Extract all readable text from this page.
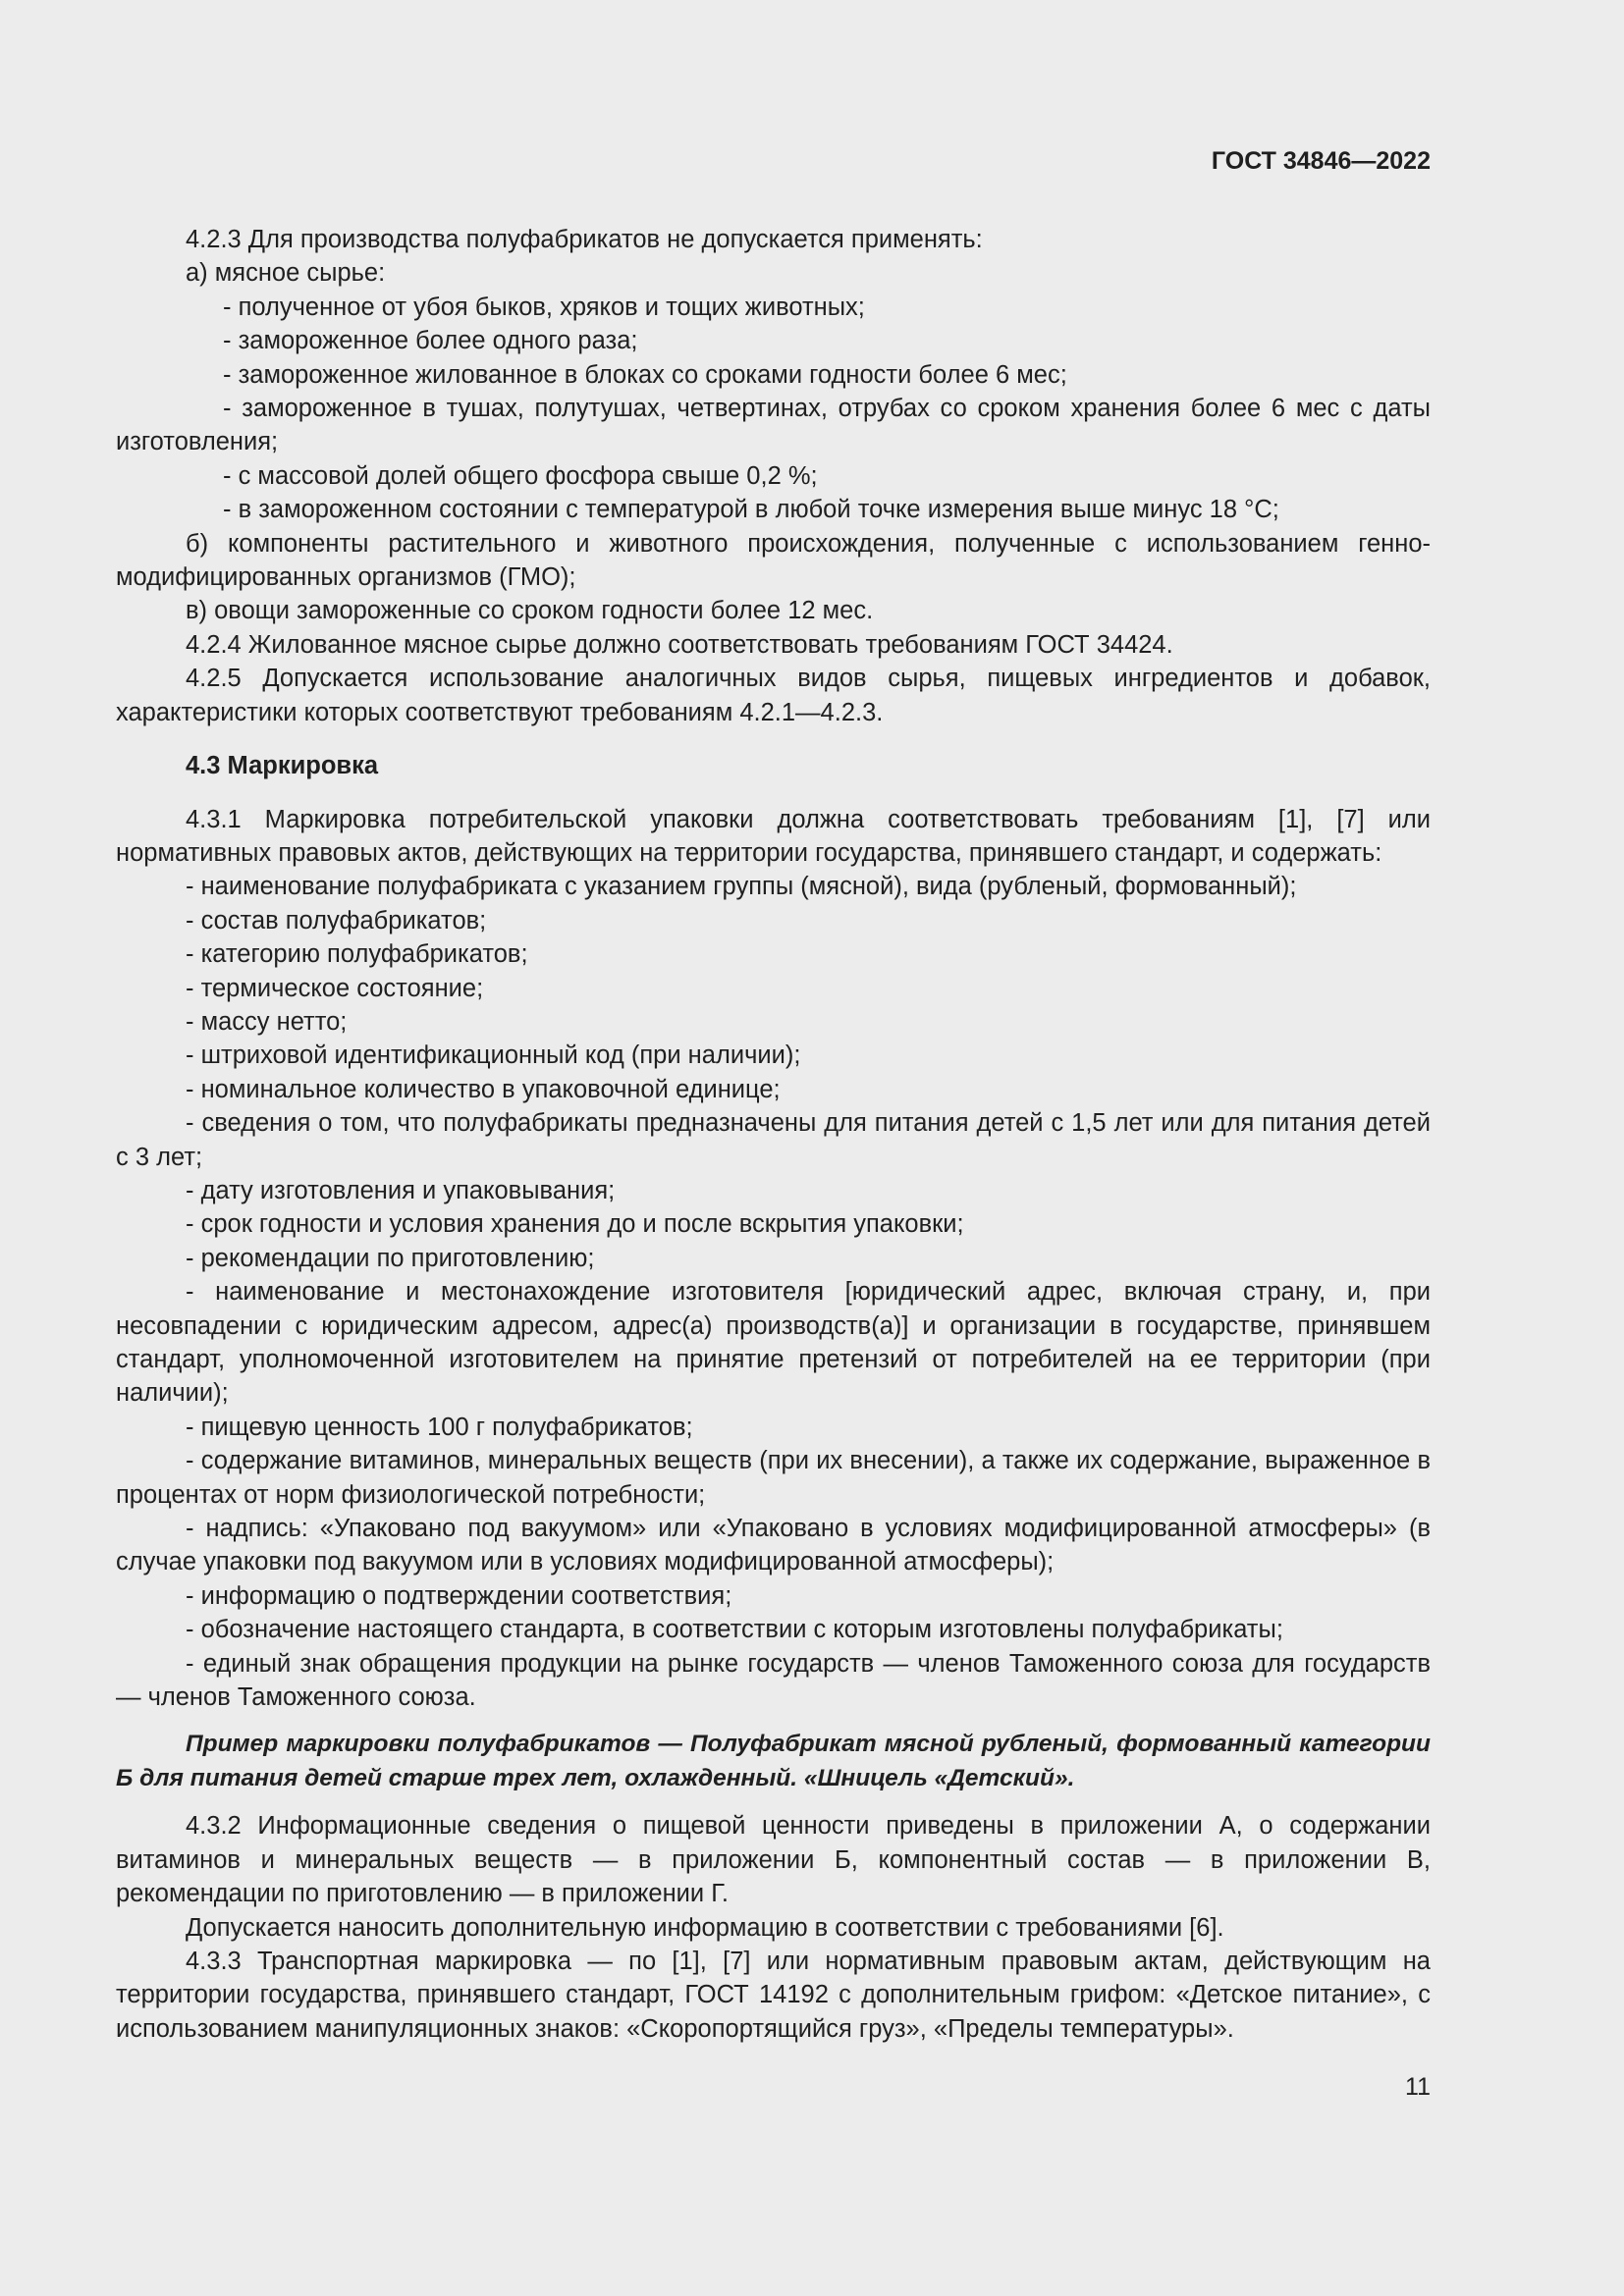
ГОСТ 34846—2022

4.2.3 Для производства полуфабрикатов не допускается применять:

а) мясное сырье:

- полученное от убоя быков, хряков и тощих животных;

- замороженное более одного раза;

- замороженное жилованное в блоках со сроками годности более 6 мес;

- замороженное в тушах, полутушах, четвертинах, отрубах со сроком хранения более 6 мес с даты изготовления;

- с массовой долей общего фосфора свыше 0,2 %;

- в замороженном состоянии с температурой в любой точке измерения выше минус 18 °С;

б) компоненты растительного и животного происхождения, полученные с использованием генно-модифицированных организмов (ГМО);

в) овощи замороженные со сроком годности более 12 мес.

4.2.4 Жилованное мясное сырье должно соответствовать требованиям ГОСТ 34424.

4.2.5 Допускается использование аналогичных видов сырья, пищевых ингредиентов и добавок, характеристики которых соответствуют требованиям 4.2.1—4.2.3.

4.3 Маркировка

4.3.1 Маркировка потребительской упаковки должна соответствовать требованиям [1], [7] или нормативных правовых актов, действующих на территории государства, принявшего стандарт, и содержать:

- наименование полуфабриката с указанием группы (мясной), вида (рубленый, формованный);

- состав полуфабрикатов;

- категорию полуфабрикатов;

- термическое состояние;

- массу нетто;

- штриховой идентификационный код (при наличии);

- номинальное количество в упаковочной единице;

- сведения о том, что полуфабрикаты предназначены для питания детей с 1,5 лет или для питания детей с 3 лет;

- дату изготовления и упаковывания;

- срок годности и условия хранения до и после вскрытия упаковки;

- рекомендации по приготовлению;

- наименование и местонахождение изготовителя [юридический адрес, включая страну, и, при несовпадении с юридическим адресом, адрес(а) производств(а)] и организации в государстве, принявшем стандарт, уполномоченной изготовителем на принятие претензий от потребителей на ее территории (при наличии);

- пищевую ценность 100 г полуфабрикатов;

- содержание витаминов, минеральных веществ (при их внесении), а также их содержание, выраженное в процентах от норм физиологической потребности;

- надпись: «Упаковано под вакуумом» или «Упаковано в условиях модифицированной атмосферы» (в случае упаковки под вакуумом или в условиях модифицированной атмосферы);

- информацию о подтверждении соответствия;

- обозначение настоящего стандарта, в соответствии с которым изготовлены полуфабрикаты;

- единый знак обращения продукции на рынке государств — членов Таможенного союза для государств — членов Таможенного союза.

Пример маркировки полуфабрикатов — Полуфабрикат мясной рубленый, формованный категории Б для питания детей старше трех лет, охлажденный. «Шницель «Детский».

4.3.2 Информационные сведения о пищевой ценности приведены в приложении А, о содержании витаминов и минеральных веществ — в приложении Б, компонентный состав — в приложении В, рекомендации по приготовлению — в приложении Г.

Допускается наносить дополнительную информацию в соответствии с требованиями [6].

4.3.3 Транспортная маркировка — по [1], [7] или нормативным правовым актам, действующим на территории государства, принявшего стандарт, ГОСТ 14192 с дополнительным грифом: «Детское питание», с использованием манипуляционных знаков: «Скоропортящийся груз», «Пределы температуры».

11
